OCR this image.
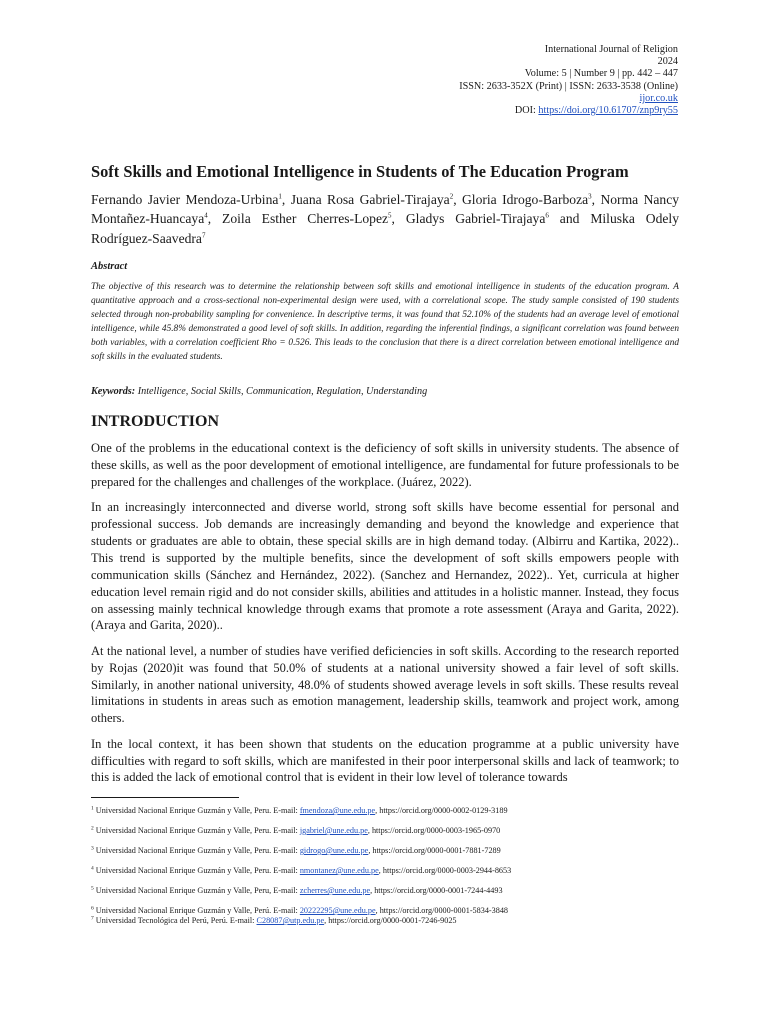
International Journal of Religion
2024
Volume: 5 | Number 9 | pp. 442 – 447
ISSN: 2633-352X (Print) | ISSN: 2633-3538 (Online)
ijor.co.uk
DOI: https://doi.org/10.61707/znp9ry55
Soft Skills and Emotional Intelligence in Students of The Education Program
Fernando Javier Mendoza-Urbina$^1$, Juana Rosa Gabriel-Tirajaya$^2$, Gloria Idrogo-Barboza$^3$, Norma Nancy Montañez-Huancaya$^4$, Zoila Esther Cherres-Lopez$^5$, Gladys Gabriel-Tirajaya$^6$ and Miluska Odely Rodríguez-Saavedra$^7$
Abstract
The objective of this research was to determine the relationship between soft skills and emotional intelligence in students of the education program. A quantitative approach and a cross-sectional non-experimental design were used, with a correlational scope. The study sample consisted of 190 students selected through non-probability sampling for convenience. In descriptive terms, it was found that 52.10% of the students had an average level of emotional intelligence, while 45.8% demonstrated a good level of soft skills. In addition, regarding the inferential findings, a significant correlation was found between both variables, with a correlation coefficient Rho = 0.526. This leads to the conclusion that there is a direct correlation between emotional intelligence and soft skills in the evaluated students.
Keywords: Intelligence, Social Skills, Communication, Regulation, Understanding
INTRODUCTION

One of the problems in the educational context is the deficiency of soft skills in university students. The absence of these skills, as well as the poor development of emotional intelligence, are fundamental for future professionals to be prepared for the challenges and challenges of the workplace. (Juárez, 2022).

In an increasingly interconnected and diverse world, strong soft skills have become essential for personal and professional success. Job demands are increasingly demanding and beyond the knowledge and experience that students or graduates are able to obtain, these special skills are in high demand today. (Albirru and Kartika, 2022).. This trend is supported by the multiple benefits, since the development of soft skills empowers people with communication skills (Sánchez and Hernández, 2022). (Sanchez and Hernandez, 2022).. Yet, curricula at higher education level remain rigid and do not consider skills, abilities and attitudes in a holistic manner. Instead, they focus on assessing mainly technical knowledge through exams that promote a rote assessment (Araya and Garita, 2022). (Araya and Garita, 2020)..

At the national level, a number of studies have verified deficiencies in soft skills. According to the research reported by Rojas (2020)it was found that 50.0% of students at a national university showed a fair level of soft skills. Similarly, in another national university, 48.0% of students showed average levels in soft skills. These results reveal limitations in students in areas such as emotion management, leadership skills, teamwork and project work, among others.

In the local context, it has been shown that students on the education programme at a public university have difficulties with regard to soft skills, which are manifested in their poor interpersonal skills and lack of teamwork; to this is added the lack of emotional control that is evident in their low level of tolerance towards

$^1$ Universidad Nacional Enrique Guzmán y Valle, Peru. E-mail: fmendoza@une.edu.pe, https://orcid.org/0000-0002-0129-3189
$^2$ Universidad Nacional Enrique Guzmán y Valle, Peru. E-mail: jgabriel@une.edu.pe, https://orcid.org/0000-0003-1965-0970
$^3$ Universidad Nacional Enrique Guzmán y Valle, Peru. E-mail: gidrogo@une.edu.pe, https://orcid.org/0000-0001-7881-7289
$^4$ Universidad Nacional Enrique Guzmán y Valle, Peru. E-mail: nmontanez@une.edu.pe, https://orcid.org/0000-0003-2944-8653
$^5$ Universidad Nacional Enrique Guzmán y Valle, Peru, E-mail: zcherres@une.edu.pe, https://orcid.org/0000-0001-7244-4493
$^6$ Universidad Nacional Enrique Guzmán y Valle, Perú. E-mail: 20222295@une.edu.pe, https://orcid.org/0000-0001-5834-3848
$^7$ Universidad Tecnológica del Perú, Perú. E-mail: C28087@utp.edu.pe, https://orcid.org/0000-0001-7246-9025
